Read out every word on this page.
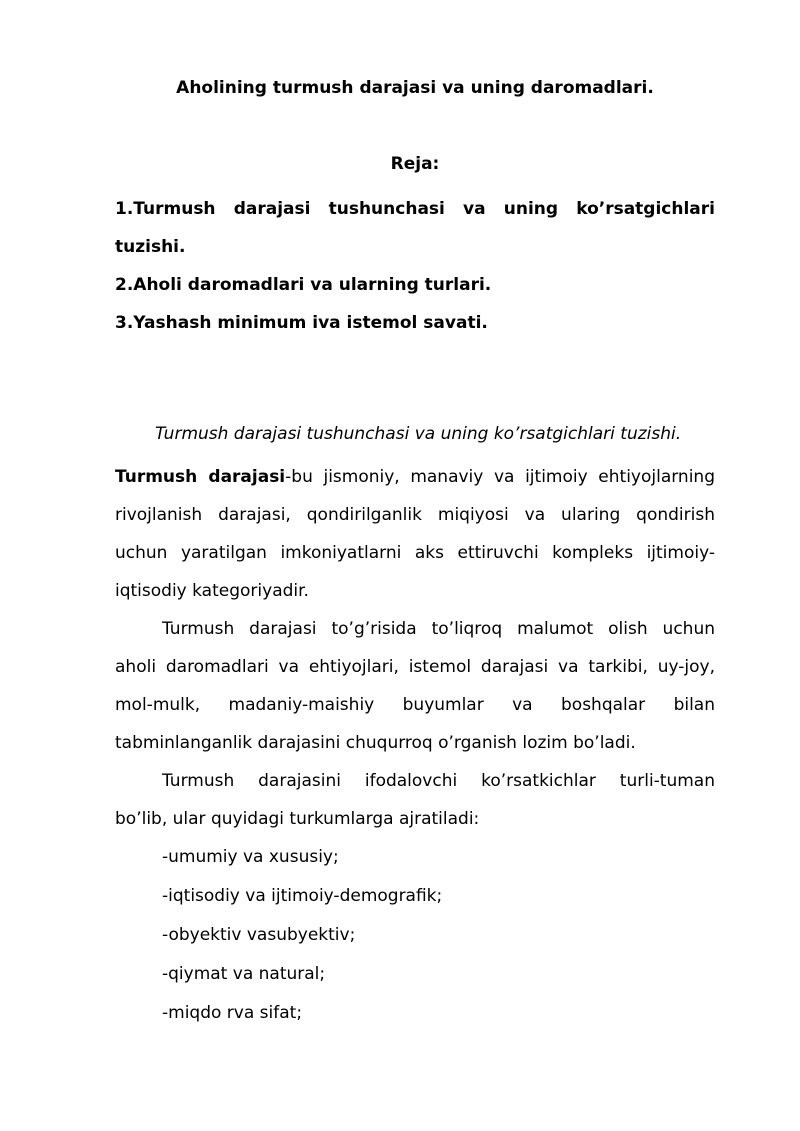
Aholining turmush darajasi va uning daromadlari.

Reja:

1.Turmush darajasi tushunchasi va uning ko’rsatgichlari
tuzishi.
2.Aholi daromadlari va ularning turlari.
3.Yashash minimum iva istemol savati.

Turmush darajasi tushunchasi va uning ko’rsatgichlari tuzishi.

Turmush darajasi-bu jismoniy, manaviy va ijtimoiy ehtiyojlarning
rivojlanish darajasi, qondirilganlik miqiyosi va ularing qondirish
uchun yaratilgan imkoniyatlarni aks ettiruvchi kompleks ijtimoiy-
iqtisodiy kategoriyadir.
Turmush darajasi to’g’risida to’liqroq malumot olish uchun
aholi daromadlari va ehtiyojlari, istemol darajasi va tarkibi, uy-joy,
mol-mulk, madaniy-maishiy buyumlar va boshqalar bilan
tabminlanganlik darajasini chuqurroq o’rganish lozim bo’ladi.
Turmush darajasini ifodalovchi ko’rsatkichlar turli-tuman
bo’lib, ular quyidagi turkumlarga ajratiladi:
-umumiy va xususiy;
-iqtisodiy va ijtimoiy-demografik;
-obyektiv vasubyektiv;
-qiymat va natural;
-miqdo rva sifat;
